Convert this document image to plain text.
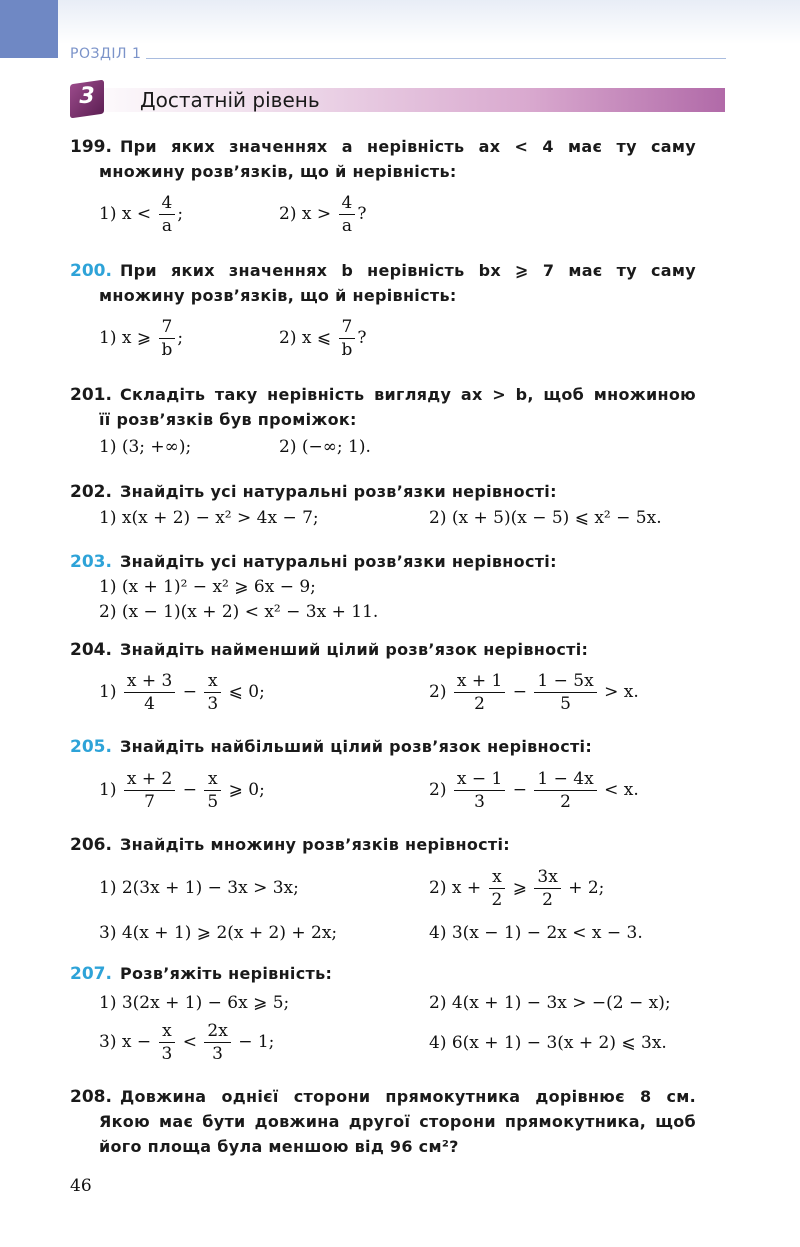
РОЗДІЛ 1
3	Достатній рівень
199. При яких значеннях a нерівність ax < 4 має ту саму
множину розв’язків, що й нерівність:
1) $x < \frac{4}{a}$ ;	2) $x > \frac{4}{a}$ ?
200. При яких значеннях b нерівність bx ⩾ 7 має ту саму
множину розв’язків, що й нерівність:
1) x ⩾ $\frac{7}{b}$ ;	2) x ⩽ $\frac{7}{b}$ ?
201. Складіть таку нерівність вигляду ax > b, щоб множиною
її розв’язків був проміжок:
1) (3; +∞);	2) (−∞; 1).
202. Знайдіть усі натуральні розв’язки нерівності:
1) x(x + 2) − x² > 4x − 7;	2) (x + 5)(x − 5) ⩽ x² − 5x.
203. Знайдіть усі натуральні розв’язки нерівності:
1) (x + 1)² − x² ⩾ 6x − 9;
2) (x − 1)(x + 2) < x² − 3x + 11.
204. Знайдіть найменший цілий розв’язок нерівності:
$1) \frac{x + 3}{4} - \frac{x}{3}$ ⩽ 0;	$2) \frac{x + 1}{2} - \frac{1 - 5x}{5} > x$.
205. Знайдіть найбільший цілий розв’язок нерівності:
$1) \frac{x + 2}{7} - \frac{x}{5}$ ⩾ 0;	$2) \frac{x - 1}{3} - \frac{1 - 4x}{2} < x$.
206. Знайдіть множину розв’язків нерівності:
1) 2(3x + 1) − 3x > 3x;	2) $x + \frac{x}{2}$ ⩾ $\frac{3x}{2} + 2$;
3) 4(x + 1) ⩾ 2(x + 2) + 2x;	4) 3(x − 1) − 2x < x − 3.
207. Розв’яжіть нерівність:
1) 3(2x + 1) − 6x ⩾ 5;	2) 4(x + 1) − 3x > −(2 − x);
3) $x - \frac{x}{3} < \frac{2x}{3} - 1$;	4) 6(x + 1) − 3(x + 2) ⩽ 3x.
208. Довжина однієї сторони прямокутника дорівнює 8 см.
Якою має бути довжина другої сторони прямокутника, щоб
його площа була меншою від 96 см²?
46
